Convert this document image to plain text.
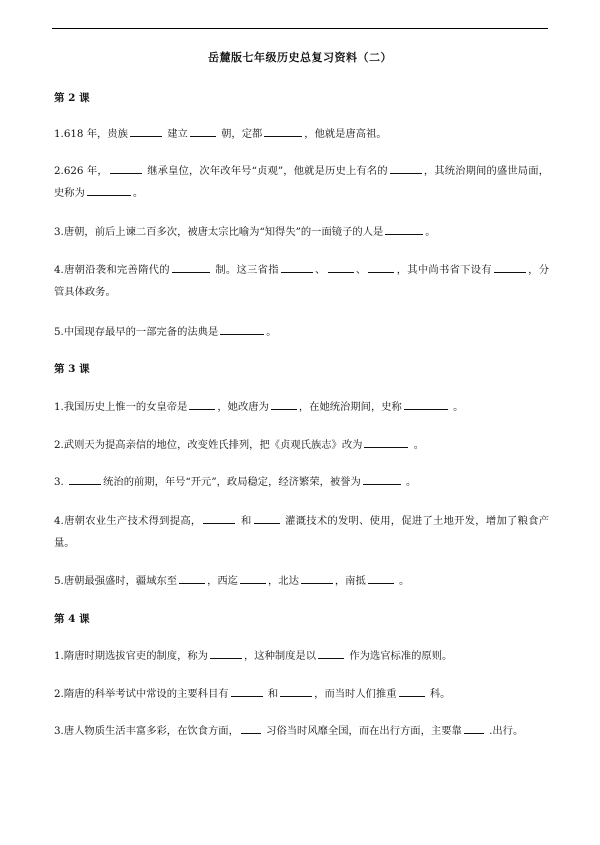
岳麓版七年级历史总复习资料（二）
第 2 课
1.618 年，贵族	建立	朝，定都	，他就是唐高祖。
2.626 年，	继承皇位，次年改年号“贞观”，他就是历史上有名的	，其统治期间的盛世局面，史称为	。
3.唐朝，前后上谏二百多次，被唐太宗比喻为“知得失”的一面镜子的人是	。
4.唐朝沿袭和完善隋代的	制。这三省指	、	、	，其中尚书省下设有	，分管具体政务。
5.中国现存最早的一部完备的法典是	。
第 3 课
1.我国历史上惟一的女皇帝是	，她改唐为	，在她统治期间，史称	。
2.武则天为提高亲信的地位，改变姓氏排列，把《贞观氏族志》改为	。
3.	统治的前期，年号“开元”，政局稳定，经济繁荣，被誉为	。
4.唐朝农业生产技术得到提高，	和	灌溉技术的发明、使用，促进了土地开发，增加了粮食产量。
5.唐朝最强盛时，疆域东至	，西迄	，北达	，南抵	。
第 4 课
1.隋唐时期选拔官吏的制度，称为	，这种制度是以	作为选官标准的原则。
2.隋唐的科举考试中常设的主要科目有	和	，而当时人们推重	科。
3.唐人物质生活丰富多彩，在饮食方面，	习俗当时风靡全国，而在出行方面，主要靠	.出行。
